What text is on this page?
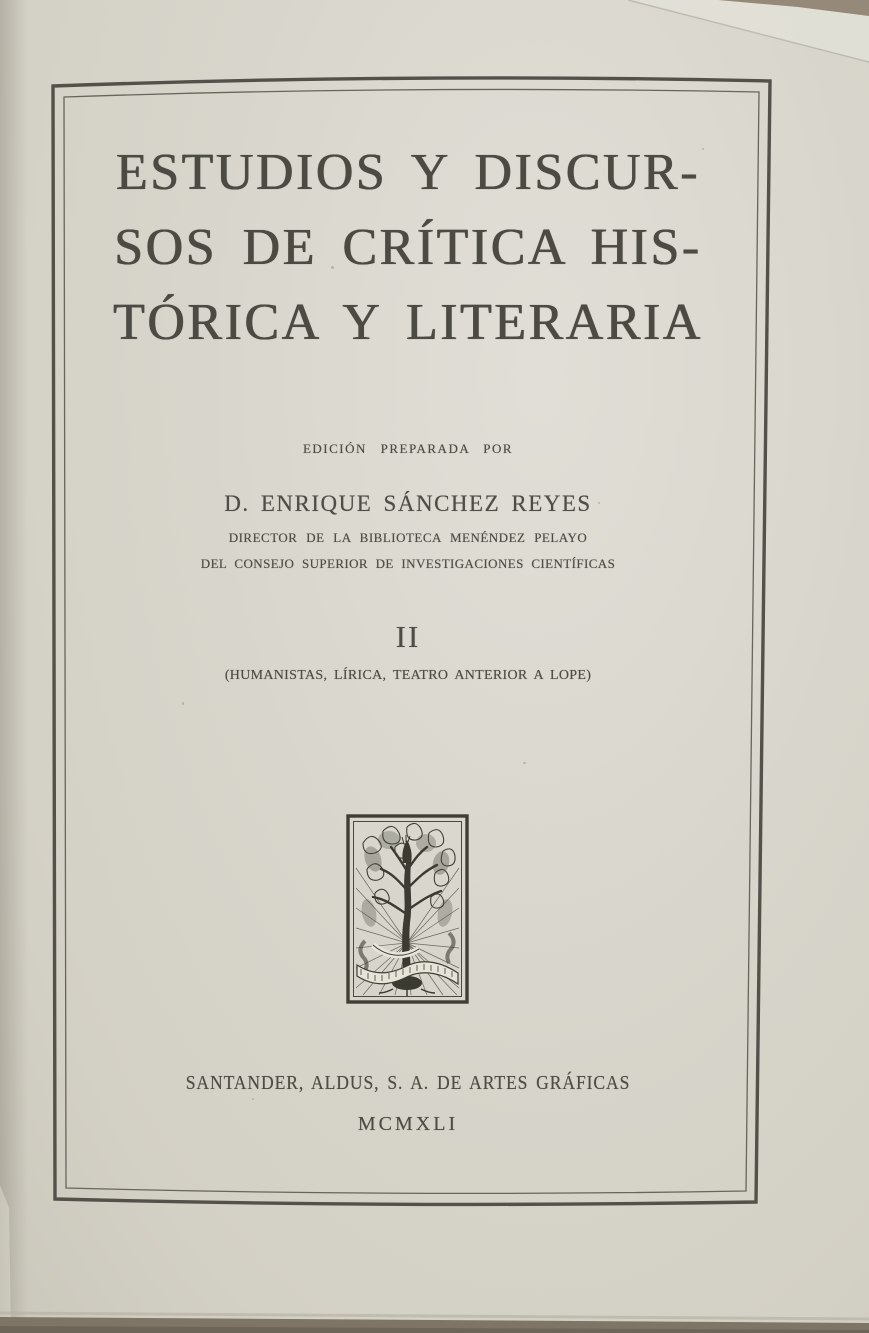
ESTUDIOS Y DISCUR-
SOS DE CRÍTICA HIS-
TÓRICA Y LITERARIA
EDICIÓN PREPARADA POR
D. ENRIQUE SÁNCHEZ REYES
DIRECTOR DE LA BIBLIOTECA MENÉNDEZ PELAYO
DEL CONSEJO SUPERIOR DE INVESTIGACIONES CIENTÍFICAS
II
(HUMANISTAS, LÍRICA, TEATRO ANTERIOR A LOPE)
SANTANDER, ALDUS, S. A. DE ARTES GRÁFICAS
MCMXLI
